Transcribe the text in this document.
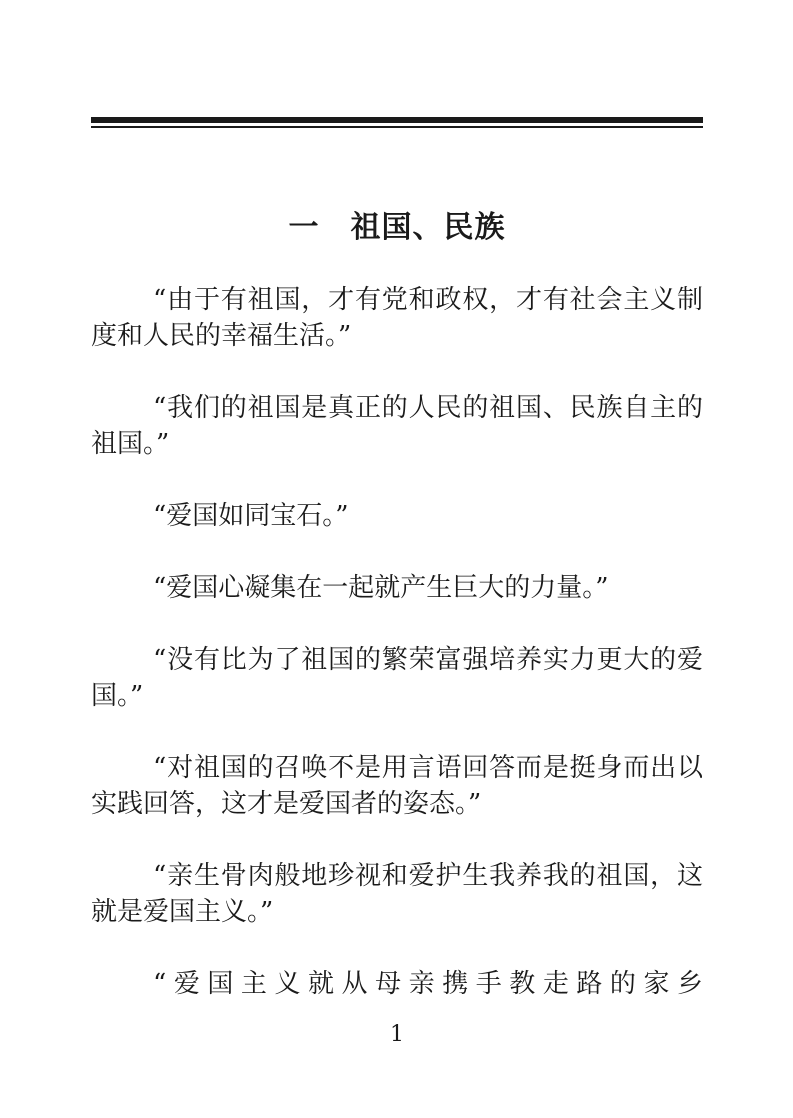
一　祖国、民族

“由于有祖国，才有党和政权，才有社会主义制度和人民的幸福生活。”

“我们的祖国是真正的人民的祖国、民族自主的祖国。”

“爱国如同宝石。”

“爱国心凝集在一起就产生巨大的力量。”

“没有比为了祖国的繁荣富强培养实力更大的爱国。”

“对祖国的召唤不是用言语回答而是挺身而出以实践回答，这才是爱国者的姿态。”

“亲生骨肉般地珍视和爱护生我养我的祖国，这就是爱国主义。”

“爱国主义就从母亲携手教走路的家乡

1
